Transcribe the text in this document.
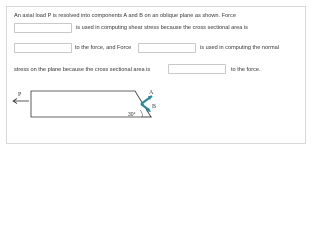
An axial load P is resolved into components A and B on an oblique plane as shown. Force
is used in computing shear stress because the cross sectional area is
to the force, and Force	is used in computing the normal
stress on the plane because the cross sectional area is	to the force.
P
30°
A
B
